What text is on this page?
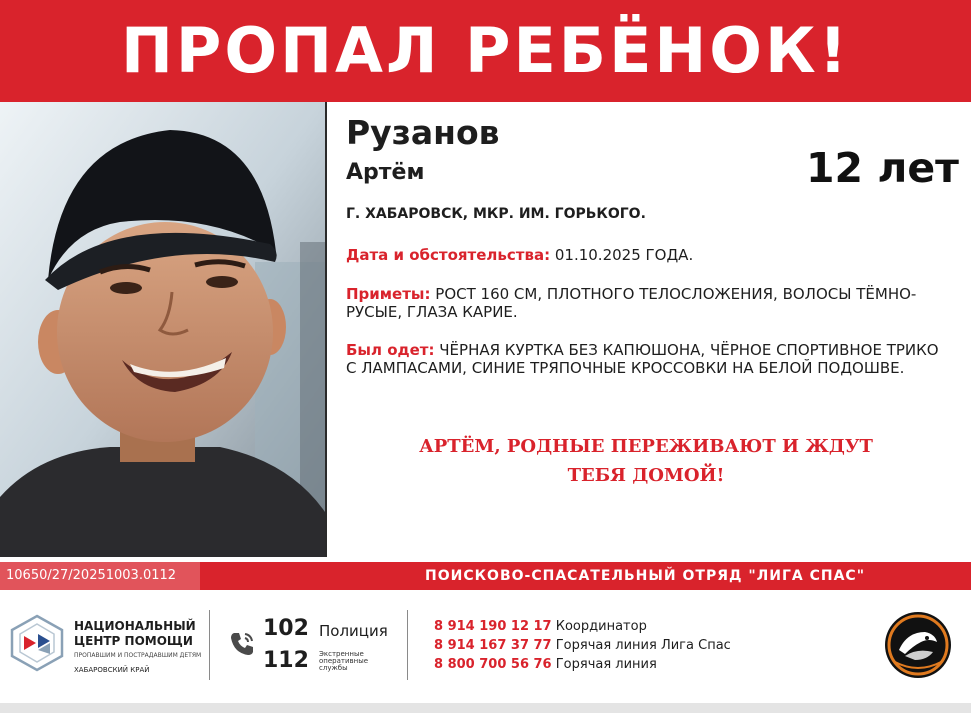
ПРОПАЛ РЕБЁНОК!
Рузанов
Артём	12 лет
Г. ХАБАРОВСК, МКР. ИМ. ГОРЬКОГО.
Дата и обстоятельства: 01.10.2025 ГОДА.
Приметы: РОСТ 160 СМ, ПЛОТНОГО ТЕЛОСЛОЖЕНИЯ, ВОЛОСЫ ТЁМНО-РУСЫЕ, ГЛАЗА КАРИЕ.
Был одет: ЧЁРНАЯ КУРТКА БЕЗ КАПЮШОНА, ЧЁРНОЕ СПОРТИВНОЕ ТРИКО С ЛАМПАСАМИ, СИНИЕ ТРЯПОЧНЫЕ КРОССОВКИ НА БЕЛОЙ ПОДОШВЕ.
АРТЁМ, РОДНЫЕ ПЕРЕЖИВАЮТ И ЖДУТ
ТЕБЯ ДОМОЙ!
10650/27/20251003.0112	ПОИСКОВО-СПАСАТЕЛЬНЫЙ ОТРЯД "ЛИГА СПАС"
НАЦИОНАЛЬНЫЙ
ЦЕНТР ПОМОЩИ
ПРОПАВШИМ И ПОСТРАДАВШИМ ДЕТЯМ
ХАБАРОВСКИЙ КРАЙ
102 Полиция
112 Экстренные оперативные службы
8 914 190 12 17 Координатор
8 914 167 37 77 Горячая линия Лига Спас
8 800 700 56 76 Горячая линия
